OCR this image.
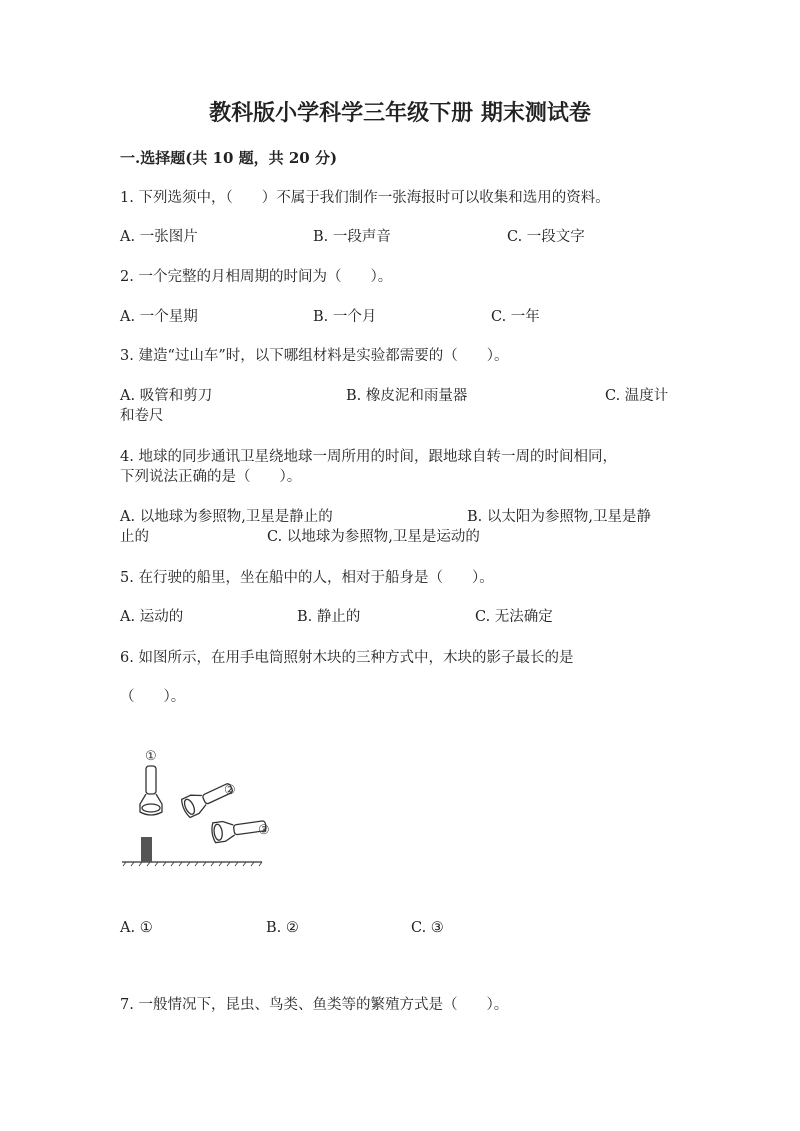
教科版小学科学三年级下册 期末测试卷
一.选择题(共 10 题，共 20 分)
1. 下列选须中，（　　）不属于我们制作一张海报时可以收集和选用的资料。
A. 一张图片	B. 一段声音	C. 一段文字
2. 一个完整的月相周期的时间为（　　）。
A. 一个星期	B. 一个月	C. 一年
3. 建造“过山车”时，以下哪组材料是实验都需要的（　　）。
A. 吸管和剪刀	B. 橡皮泥和雨量器	C. 温度计
和卷尺
4. 地球的同步通讯卫星绕地球一周所用的时间，跟地球自转一周的时间相同，
下列说法正确的是（　　）。
A. 以地球为参照物,卫星是静止的	B. 以太阳为参照物,卫星是静
止的	C. 以地球为参照物,卫星是运动的
5. 在行驶的船里，坐在船中的人，相对于船身是（　　）。
A. 运动的	B. 静止的	C. 无法确定
6. 如图所示，在用手电筒照射木块的三种方式中，木块的影子最长的是
（　　）。
①
②
③
A. ①	B. ②	C. ③
7. 一般情况下，昆虫、鸟类、鱼类等的繁殖方式是（　　）。
